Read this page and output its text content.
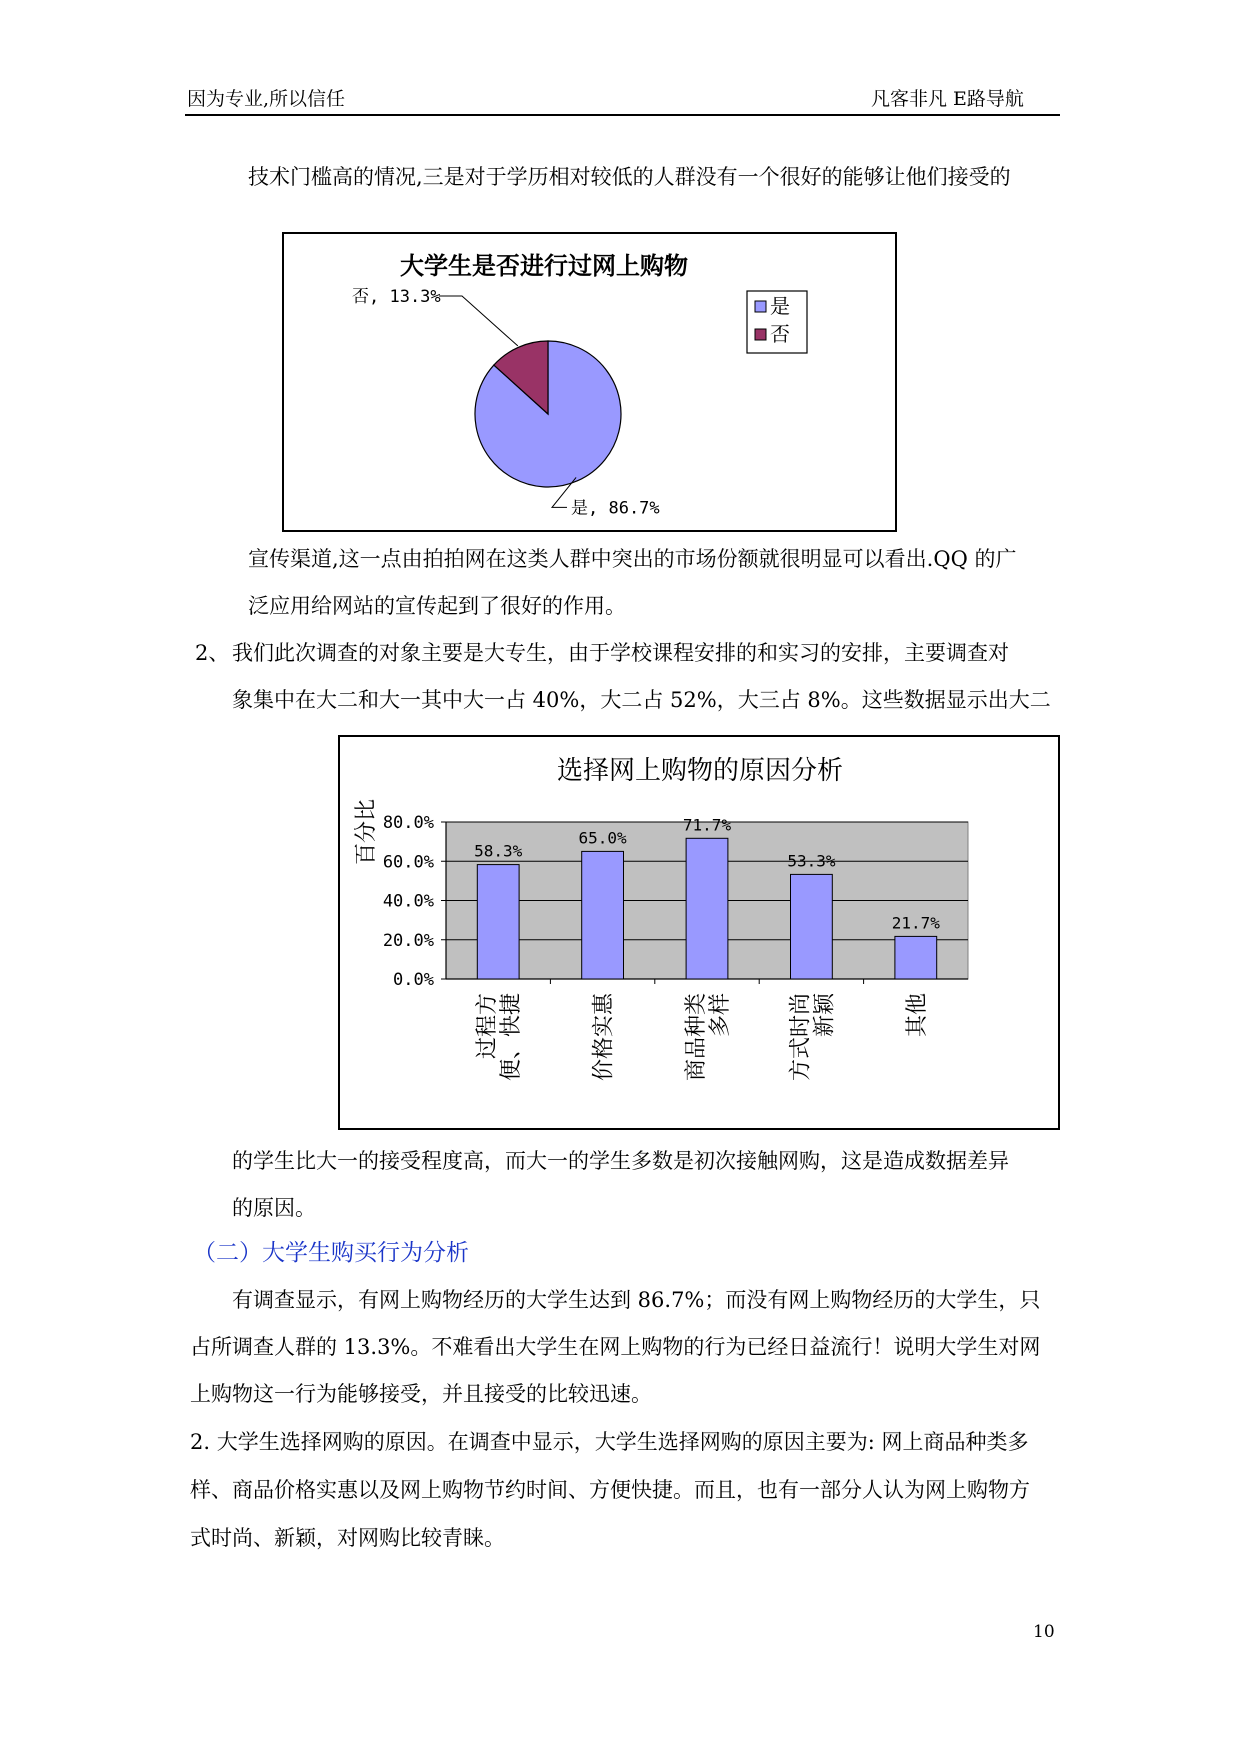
因为专业,所以信任	凡客非凡 E路导航
技术门槛高的情况,三是对于学历相对较低的人群没有一个很好的能够让他们接受的
大学生是否进行过网上购物
是, 86.7%
否, 13.3%	是
否
宣传渠道,这一点由拍拍网在这类人群中突出的市场份额就很明显可以看出.QQ 的广
泛应用给网站的宣传起到了很好的作用。
2、 我们此次调查的对象主要是大专生，由于学校课程安排的和实习的安排，主要调查对
象集中在大二和大一其中大一占 40%，大二占 52%，大三占 8%。这些数据显示出大二
选择网上购物的原因分析
百分比
0.0%
20.0%
40.0%
60.0%
80.0%
58.3%
过程方 便、快捷
65.0%
价格实惠
71.7%
商品种类 多样
53.3%
方式时尚 新颖
21.7%
其他
的学生比大一的接受程度高，而大一的学生多数是初次接触网购，这是造成数据差异
的原因。
（二）大学生购买行为分析
有调查显示，有网上购物经历的大学生达到 86.7%；而没有网上购物经历的大学生，只
占所调查人群的 13.3%。不难看出大学生在网上购物的行为已经日益流行！说明大学生对网
上购物这一行为能够接受，并且接受的比较迅速。
2. 大学生选择网购的原因。在调查中显示，大学生选择网购的原因主要为: 网上商品种类多
样、商品价格实惠以及网上购物节约时间、方便快捷。而且，也有一部分人认为网上购物方
式时尚、新颖，对网购比较青睐。
10
